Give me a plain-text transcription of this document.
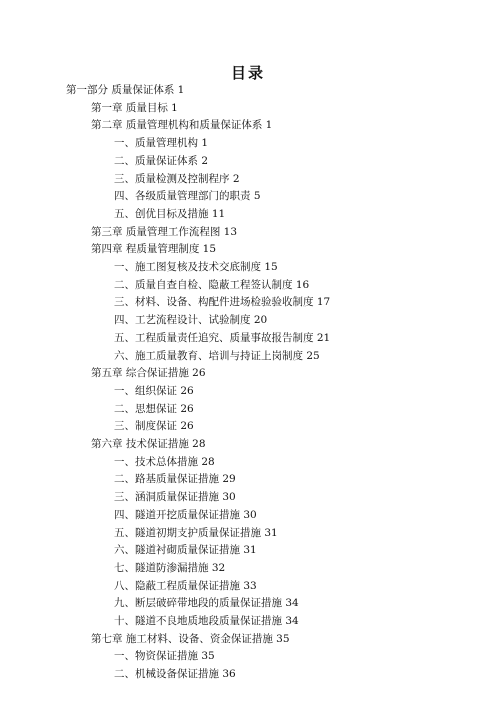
目录
第一部分 质量保证体系 1
第一章 质量目标 1
第二章 质量管理机构和质量保证体系 1
一、质量管理机构 1
二、质量保证体系 2
三、质量检测及控制程序 2
四、各级质量管理部门的职责 5
五、创优目标及措施 11
第三章 质量管理工作流程图 13
第四章 程质量管理制度 15
一、施工图复核及技术交底制度 15
二、质量自查自检、隐蔽工程签认制度 16
三、材料、设备、构配件进场检验验收制度 17
四、工艺流程设计、试验制度 20
五、工程质量责任追究、质量事故报告制度 21
六、施工质量教育、培训与持证上岗制度 25
第五章 综合保证措施 26
一、组织保证 26
二、思想保证 26
三、制度保证 26
第六章 技术保证措施 28
一、技术总体措施 28
二、路基质量保证措施 29
三、涵洞质量保证措施 30
四、隧道开挖质量保证措施 30
五、隧道初期支护质量保证措施 31
六、隧道衬砌质量保证措施 31
七、隧道防渗漏措施 32
八、隐蔽工程质量保证措施 33
九、断层破碎带地段的质量保证措施 34
十、隧道不良地质地段质量保证措施 34
第七章 施工材料、设备、资金保证措施 35
一、物资保证措施 35
二、机械设备保证措施 36
